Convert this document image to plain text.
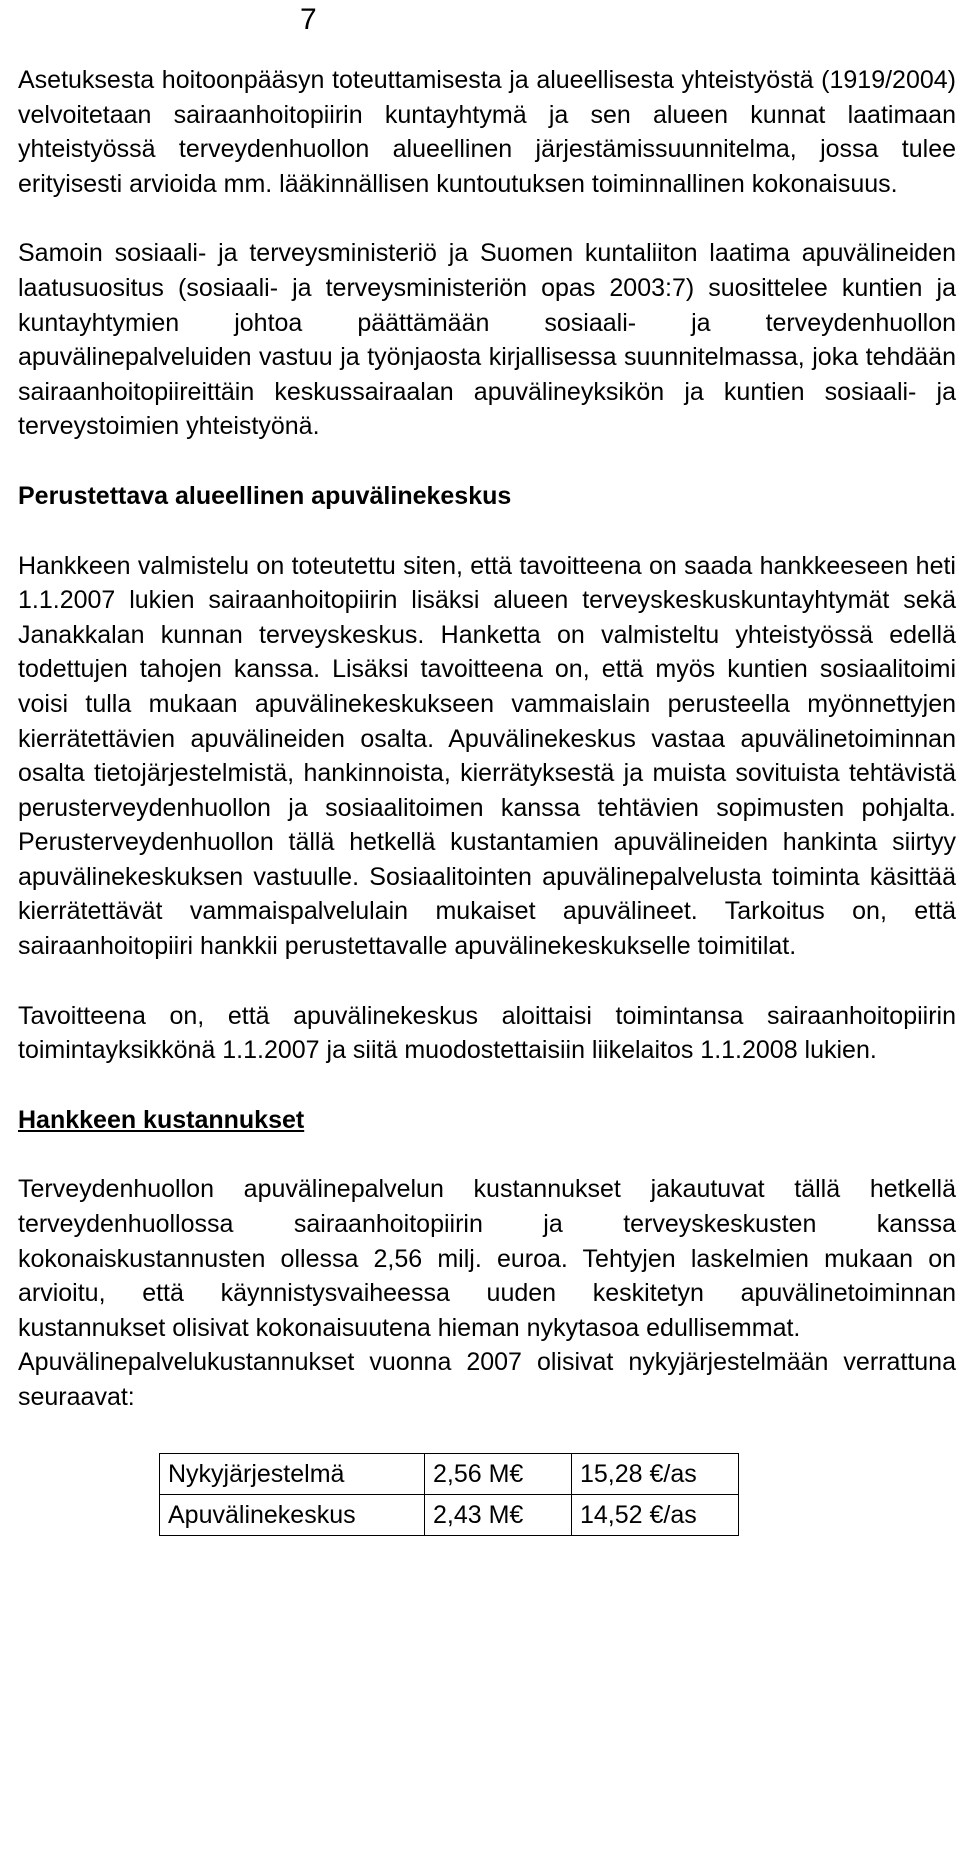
7

Asetuksesta hoitoonpääsyn toteuttamisesta ja alueellisesta yhteistyöstä (1919/2004) velvoitetaan sairaanhoitopiirin kuntayhtymä ja sen alueen kunnat laatimaan yhteistyössä terveydenhuollon alueellinen järjestämissuunnitelma, jossa tulee erityisesti arvioida mm. lääkinnällisen kuntoutuksen toiminnallinen kokonaisuus.

Samoin sosiaali- ja terveysministeriö ja Suomen kuntaliiton laatima apuvälineiden laatusuositus (sosiaali- ja terveysministeriön opas 2003:7) suosittelee kuntien ja kuntayhtymien johtoa päättämään sosiaali- ja terveydenhuollon apuvälinepalveluiden vastuu ja työnjaosta kirjallisessa suunnitelmassa, joka tehdään sairaanhoitopiireittäin keskussairaalan apuvälineyksikön ja kuntien sosiaali- ja terveystoimien yhteistyönä.

Perustettava alueellinen apuvälinekeskus

Hankkeen valmistelu on toteutettu siten, että tavoitteena on saada hankkeeseen heti 1.1.2007 lukien sairaanhoitopiirin lisäksi alueen terveyskeskuskuntayhtymät sekä Janakkalan kunnan terveyskeskus. Hanketta on valmisteltu yhteistyössä edellä todettujen tahojen kanssa. Lisäksi tavoitteena on, että myös kuntien sosiaalitoimi voisi tulla mukaan apuvälinekeskukseen vammaislain perusteella myönnettyjen kierrätettävien apuvälineiden osalta. Apuvälinekeskus vastaa apuvälinetoiminnan osalta tietojärjestelmistä, hankinnoista, kierrätyksestä ja muista sovituista tehtävistä perusterveydenhuollon ja sosiaalitoimen kanssa tehtävien sopimusten pohjalta. Perusterveydenhuollon tällä hetkellä kustantamien apuvälineiden hankinta siirtyy apuvälinekeskuksen vastuulle. Sosiaalitointen apuvälinepalvelusta toiminta käsittää kierrätettävät vammaispalvelulain mukaiset apuvälineet. Tarkoitus on, että sairaanhoitopiiri hankkii perustettavalle apuvälinekeskukselle toimitilat.

Tavoitteena on, että apuvälinekeskus aloittaisi toimintansa sairaanhoitopiirin toimintayksikkönä 1.1.2007 ja siitä muodostettaisiin liikelaitos 1.1.2008 lukien.

Hankkeen kustannukset

Terveydenhuollon apuvälinepalvelun kustannukset jakautuvat tällä hetkellä terveydenhuollossa sairaanhoitopiirin ja terveyskeskusten kanssa kokonaiskustannusten ollessa 2,56 milj. euroa. Tehtyjen laskelmien mukaan on arvioitu, että käynnistysvaiheessa uuden keskitetyn apuvälinetoiminnan kustannukset olisivat kokonaisuutena hieman nykytasoa edullisemmat.

Apuvälinepalvelukustannukset vuonna 2007 olisivat nykyjärjestelmään verrattuna seuraavat:

Nykyjärjestelmä	2,56 M€	15,28 €/as
Apuvälinekeskus	2,43 M€	14,52 €/as
